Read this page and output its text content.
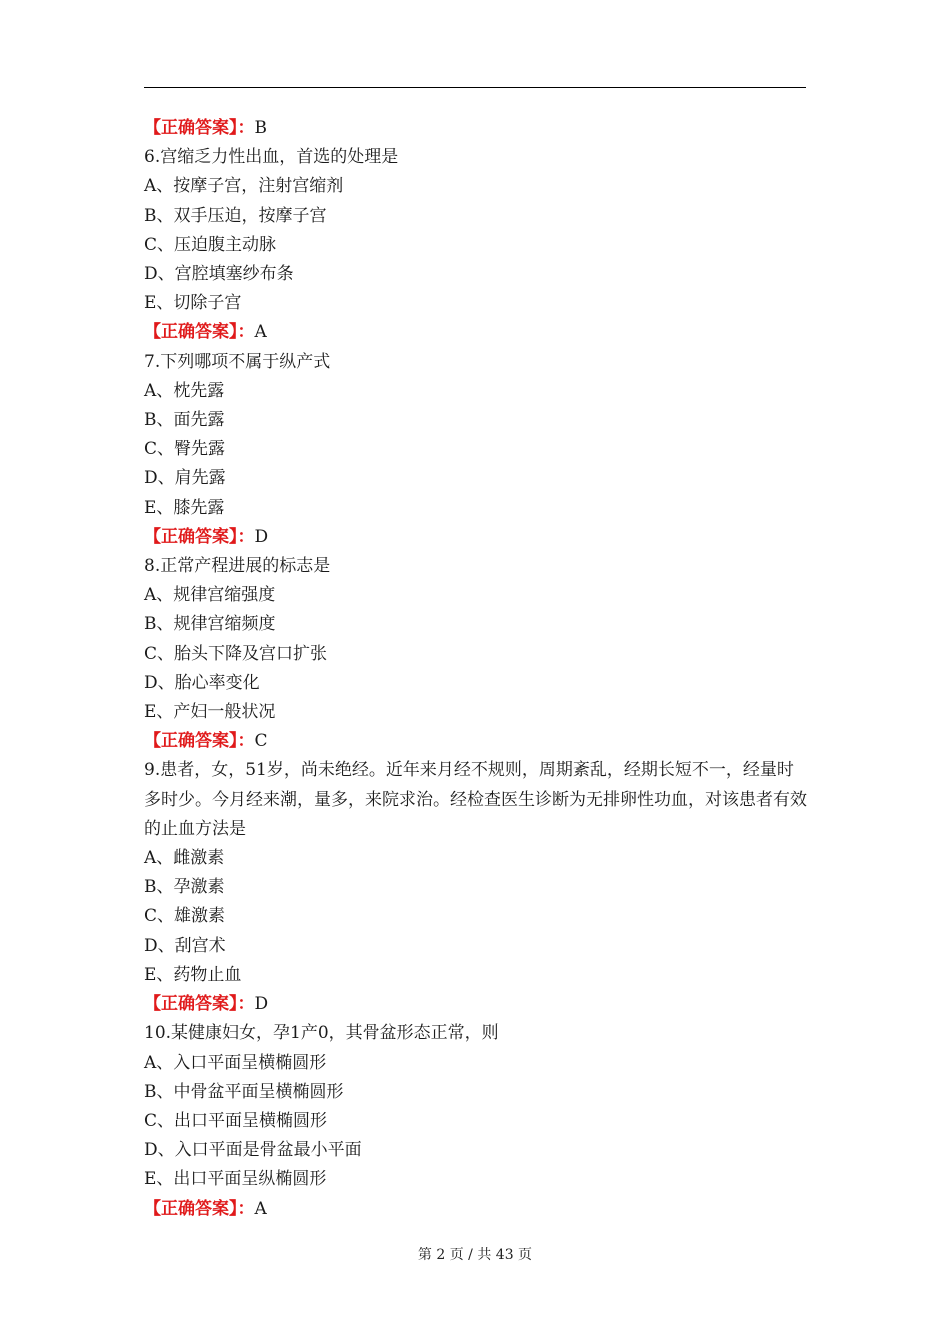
【正确答案】：B
6.宫缩乏力性出血，首选的处理是
A、按摩子宫，注射宫缩剂
B、双手压迫，按摩子宫
C、压迫腹主动脉
D、宫腔填塞纱布条
E、切除子宫
【正确答案】：A
7.下列哪项不属于纵产式
A、枕先露
B、面先露
C、臀先露
D、肩先露
E、膝先露
【正确答案】：D
8.正常产程进展的标志是
A、规律宫缩强度
B、规律宫缩频度
C、胎头下降及宫口扩张
D、胎心率变化
E、产妇一般状况
【正确答案】：C
9.患者，女，51岁，尚未绝经。近年来月经不规则，周期紊乱，经期长短不一，经量时多时少。今月经来潮，量多，来院求治。经检查医生诊断为无排卵性功血，对该患者有效的止血方法是
A、雌激素
B、孕激素
C、雄激素
D、刮宫术
E、药物止血
【正确答案】：D
10.某健康妇女，孕1产0，其骨盆形态正常，则
A、入口平面呈横椭圆形
B、中骨盆平面呈横椭圆形
C、出口平面呈横椭圆形
D、入口平面是骨盆最小平面
E、出口平面呈纵椭圆形
【正确答案】：A
第 2 页 / 共 43 页
